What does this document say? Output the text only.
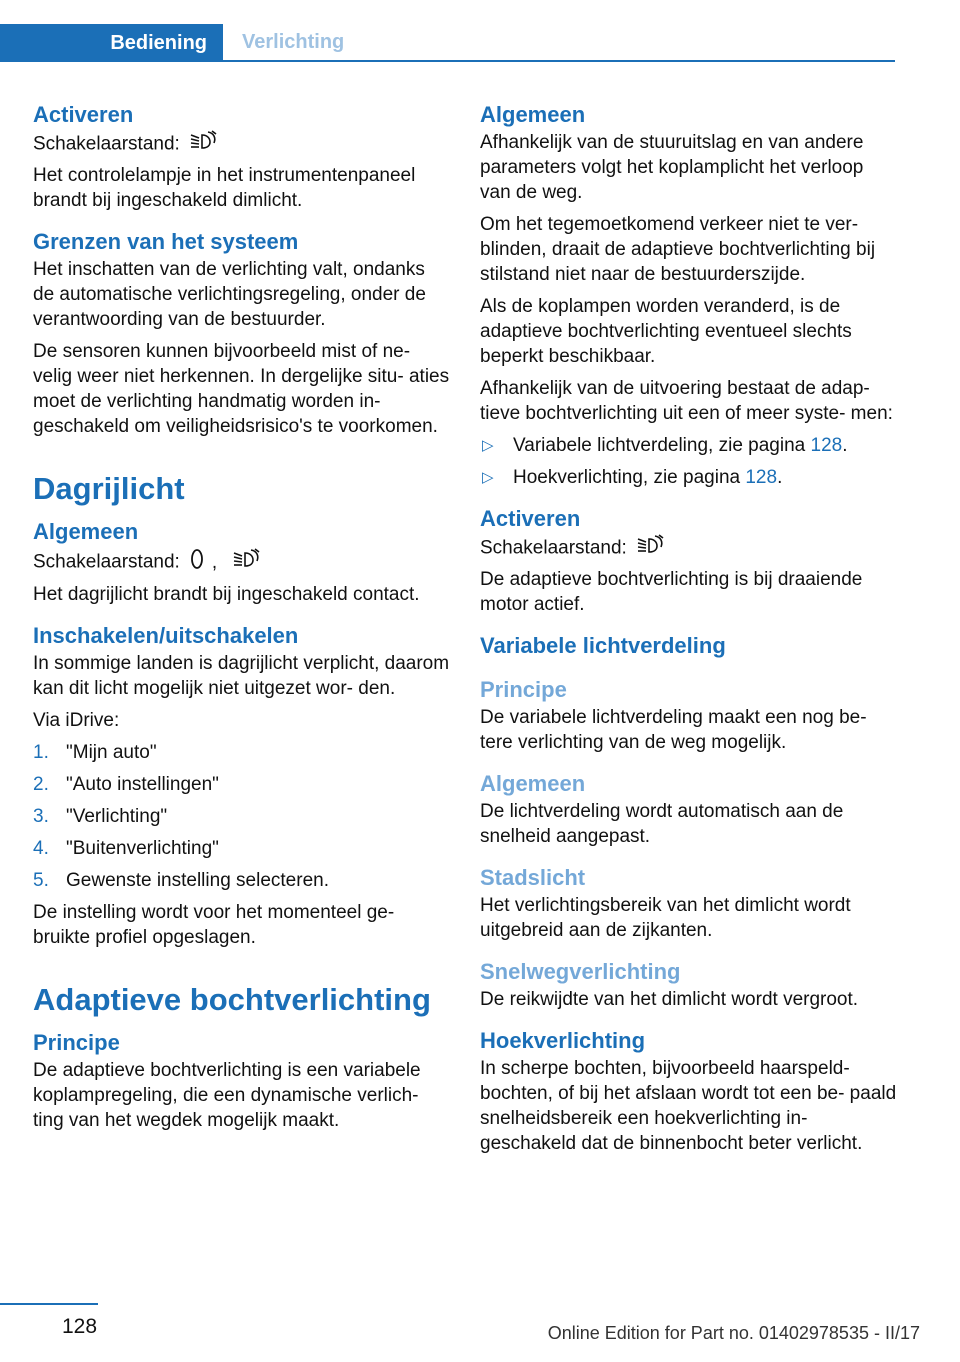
Bediening	Verlichting
Activeren

Schakelaarstand:

Het controlelampje in het instrumentenpaneel brandt bij ingeschakeld dimlicht.

Grenzen van het systeem

Het inschatten van de verlichting valt, ondanks de automatische verlichtingsregeling, onder de verantwoording van de bestuurder.

De sensoren kunnen bijvoorbeeld mist of ne- velig weer niet herkennen. In dergelijke situ- aties moet de verlichting handmatig worden in- geschakeld om veiligheidsrisico's te voorkomen.

Dagrijlicht
Algemeen

Schakelaarstand: ,

Het dagrijlicht brandt bij ingeschakeld contact.

Inschakelen/uitschakelen

In sommige landen is dagrijlicht verplicht, daarom kan dit licht mogelijk niet uitgezet wor- den.

Via iDrive:

1. "Mijn auto"
2. "Auto instellingen"
3. "Verlichting"
4. "Buitenverlichting"
5. Gewenste instelling selecteren.

De instelling wordt voor het momenteel ge- bruikte profiel opgeslagen.

Adaptieve bochtverlichting
Principe

De adaptieve bochtverlichting is een variabele koplampregeling, die een dynamische verlich- ting van het wegdek mogelijk maakt.

Algemeen

Afhankelijk van de stuuruitslag en van andere parameters volgt het koplamplicht het verloop van de weg.

Om het tegemoetkomend verkeer niet te ver- blinden, draait de adaptieve bochtverlichting bij stilstand niet naar de bestuurderszijde.

Als de koplampen worden veranderd, is de adaptieve bochtverlichting eventueel slechts beperkt beschikbaar.

Afhankelijk van de uitvoering bestaat de adap- tieve bochtverlichting uit een of meer syste- men:

▷ Variabele lichtverdeling, zie pagina 128.
▷ Hoekverlichting, zie pagina 128.
Activeren

Schakelaarstand:

De adaptieve bochtverlichting is bij draaiende motor actief.

Variabele lichtverdeling
Principe

De variabele lichtverdeling maakt een nog be- tere verlichting van de weg mogelijk.

Algemeen

De lichtverdeling wordt automatisch aan de snelheid aangepast.

Stadslicht

Het verlichtingsbereik van het dimlicht wordt uitgebreid aan de zijkanten.

Snelwegverlichting

De reikwijdte van het dimlicht wordt vergroot.

Hoekverlichting

In scherpe bochten, bijvoorbeeld haarspeld- bochten, of bij het afslaan wordt tot een be- paald snelheidsbereik een hoekverlichting in- geschakeld dat de binnenbocht beter verlicht.

128	Online Edition for Part no. 01402978535 - II/17
